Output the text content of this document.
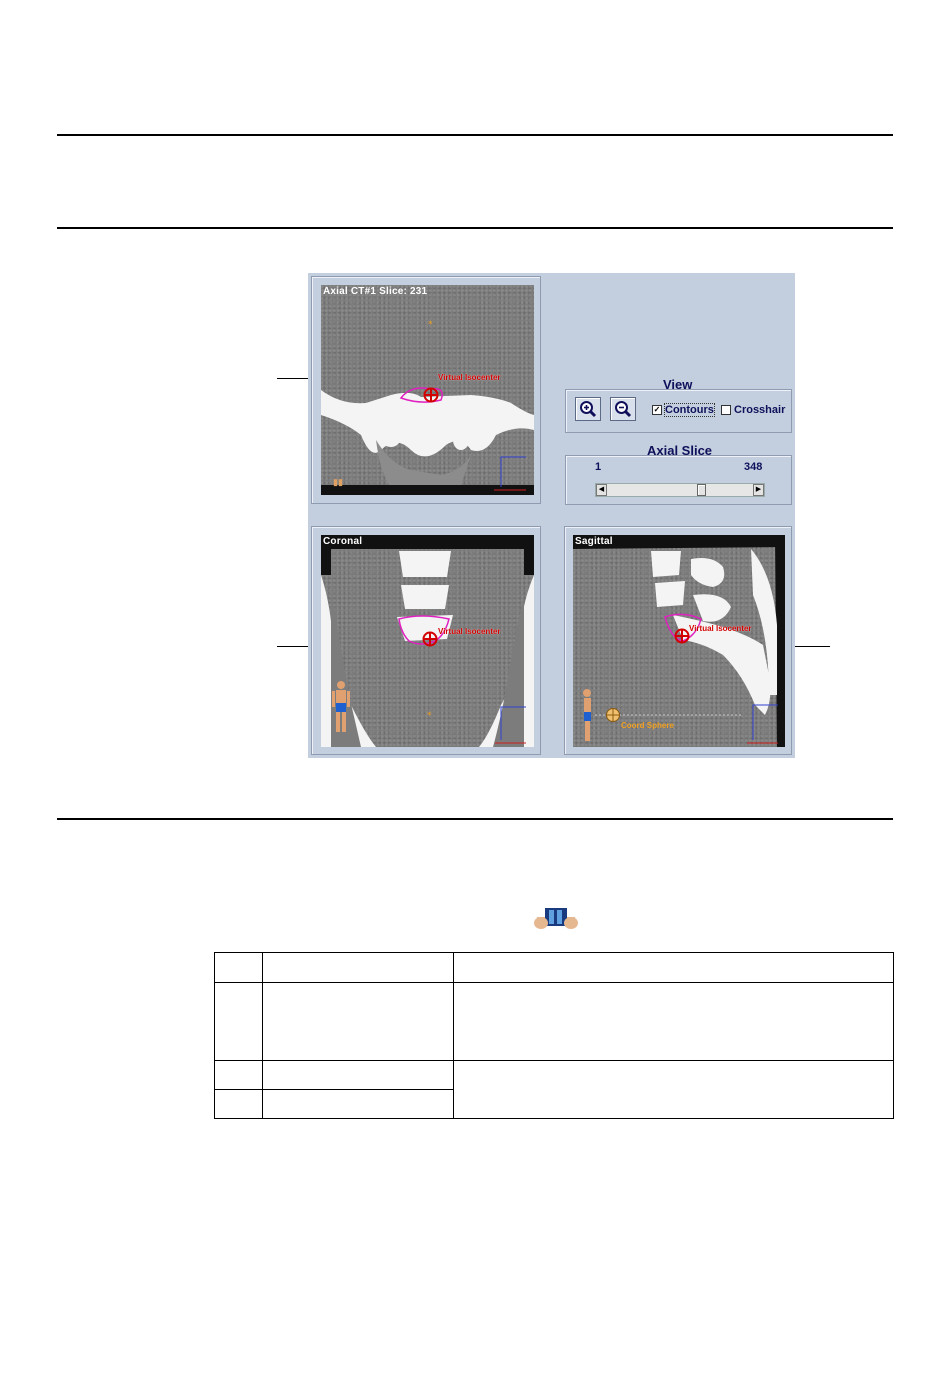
*
Axial CT#1 Slice: 231
Virtual Isocenter
▮▮
View
✓ Contours Crosshair
Axial Slice
1	348
*
Coronal
Virtual Isocenter
Sagittal
Virtual Isocenter
Coord Sphere
◀	▶
